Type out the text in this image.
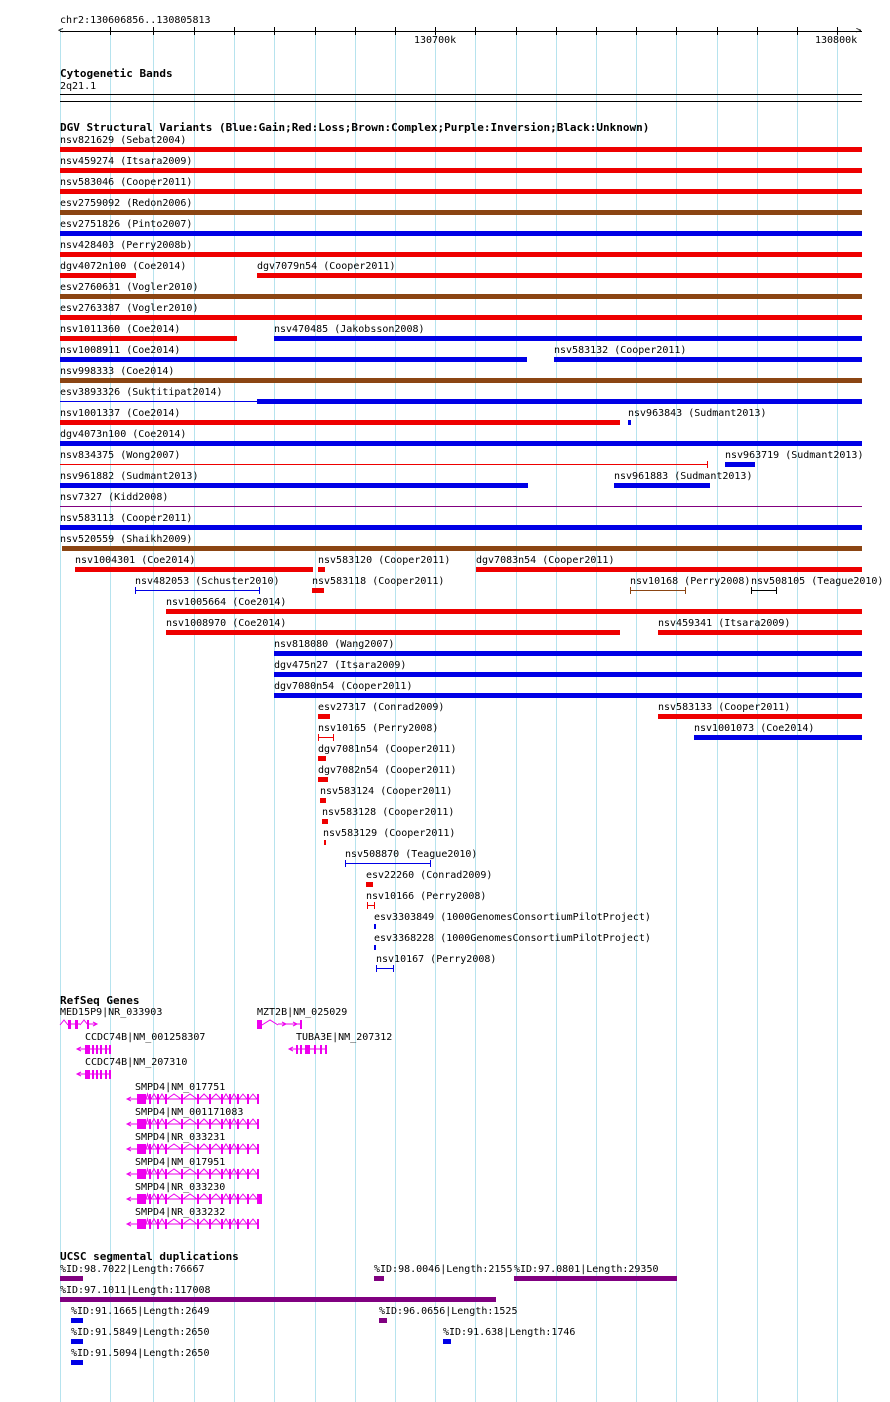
chr2:130606856..130805813
<	>
130700k	130800k
Cytogenetic Bands
2q21.1
DGV Structural Variants (Blue:Gain;Red:Loss;Brown:Complex;Purple:Inversion;Black:Unknown)
nsv821629 (Sebat2004)
nsv459274 (Itsara2009)
nsv583046 (Cooper2011)
esv2759092 (Redon2006)
esv2751826 (Pinto2007)
nsv428403 (Perry2008b)
dgv4072n100 (Coe2014)	dgv7079n54 (Cooper2011)
esv2760631 (Vogler2010)
esv2763387 (Vogler2010)
nsv1011360 (Coe2014)	nsv470485 (Jakobsson2008)
nsv1008911 (Coe2014)	nsv583132 (Cooper2011)
nsv998333 (Coe2014)
esv3893326 (Suktitipat2014)
nsv1001337 (Coe2014)	nsv963843 (Sudmant2013)
dgv4073n100 (Coe2014)
nsv834375 (Wong2007)	nsv963719 (Sudmant2013)
nsv961882 (Sudmant2013)	nsv961883 (Sudmant2013)
nsv7327 (Kidd2008)
nsv583113 (Cooper2011)
nsv520559 (Shaikh2009)
nsv1004301 (Coe2014)	nsv583120 (Cooper2011)	dgv7083n54 (Cooper2011)
nsv482053 (Schuster2010)	nsv583118 (Cooper2011)	nsv10168 (Perry2008) nsv508105 (Teague2010)
nsv1005664 (Coe2014)
nsv1008970 (Coe2014)	nsv459341 (Itsara2009)
nsv818080 (Wang2007)
dgv475n27 (Itsara2009)
dgv7080n54 (Cooper2011)
esv27317 (Conrad2009)	nsv583133 (Cooper2011)
nsv1001073 (Coe2014)
nsv10165 (Perry2008)
dgv7081n54 (Cooper2011)
dgv7082n54 (Cooper2011)
nsv583124 (Cooper2011)
nsv583128 (Cooper2011)
nsv583129 (Cooper2011)
nsv508870 (Teague2010)
esv22260 (Conrad2009)
nsv10166 (Perry2008)
esv3303849 (1000GenomesConsortiumPilotProject)
esv3368228 (1000GenomesConsortiumPilotProject)
nsv10167 (Perry2008)
RefSeq Genes
MED15P9|NR_033903	MZT2B|NM_025029
CCDC74B|NM_001258307	TUBA3E|NM_207312
CCDC74B|NM_207310
SMPD4|NM_017751
SMPD4|NM_001171083
SMPD4|NR_033231
SMPD4|NM_017951
SMPD4|NR_033230
SMPD4|NR_033232
UCSC segmental duplications
%ID:98.7022|Length:76667	%ID:98.0046|Length:2155 %ID:97.0801|Length:29350
%ID:97.1011|Length:117008
%ID:91.1665|Length:2649	%ID:96.0656|Length:1525
%ID:91.5849|Length:2650	%ID:91.638|Length:1746
%ID:91.5094|Length:2650
